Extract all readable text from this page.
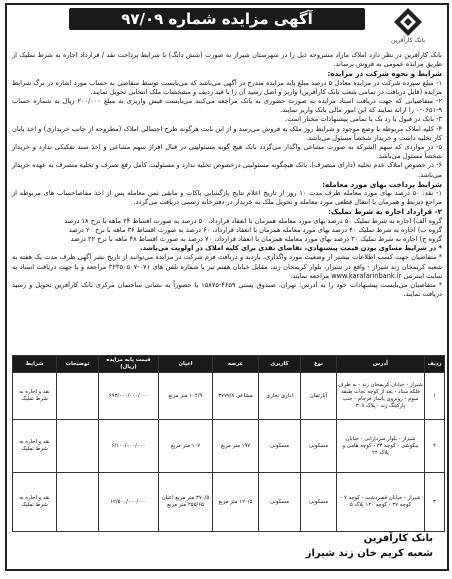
آگهی مزایده شماره ۹۷/۰۹
بانک کارآفرین

بانک کارآفرین در نظر دارد املاک مازاد مشروحه ذیل را در شهرستان شیراز به صورت (شش دانگ) با شرایط پرداخت نقد / قرارداد اجاره به شرط تملیک از طریق مزایده عمومی به فروش برساند.

شرایط و نحوه شرکت در مزایده:

۱- مبلغ سپرده شرکت در مزایده معادل ۵ درصد مبلغ پایه مزایده مندرج در آگهی می‌باشد که می‌بایست توسط متقاضی به حساب مورد اشاره در برگ شرایط مزایده (قابل دریافت در تمامی شعب بانک کارآفرین) واریز و اصل رسید آن را با قید ردیف و مشخصات ملک انتخابی تحویل نمایند.

۲- متقاضیانی که جهت دریافت اسناد مزایده به صورت حضوری به بانک مراجعه می‌کنند می‌بایست فیش واریزی به مبلغ ۲۰۰/۰۰۰ ریال به شماره حساب ۹-۰۶۵۱-۰ را ارائه نمایند که این امور مالی بانک واریز نمایند.

۳- بانک در قبول یا رد یک یا تمامی پیشنهادات مختار است.

۴- کلیه املاک مربوطه با وضع موجود و شرایط روز ملک به فروش می‌رسد و از این بابت هرگونه طرح احتمالی املاک (مطروحه از جانب خریداری) و اخذ پایان کار تخلیه داشت و خریدار شخصاً مسئول می‌باشد.

۵- در مواردی که سهم الشرکه به صورت مشاعی واگذار می‌گردد بانک هیچ گونه مسئولیتی در قبال افراز سهم مشاعی و اخذ سند تفکیکی ندارد و خریدار شخصاً مسئول می‌باشد.

۶- در خصوص املاک عدم تخلیه (دارای متصرف)، بانک هیچگونه مسئولیتی درخصوص تخلیه ندارد و مسئولیت کامل رفع تصرف و تخلیه متصرف به عهده خریدار می‌باشد.

شرایط پرداخت بهای مورد معامله:

۱- نقد: ۵۰ درصد بهای مورد معامله ظرف مدت ۱۰ روز از تاریخ اعلام نتایج بازگشایی پاکات و مابقی ثمن معامله پس از اخذ مفاصاحساب های مربوطه از مراجع ذیربط و همزمان با انتقال قطعی مورد معامله و تحویل ملک به خریدار در دفترخانه رسمی دریافت می‌گردد.

۲- قرارداد اجاره به شرط تملیک:

گروه الف) اجاره به شرط تملیک ۵۰ درصد بهای مورد معامله همزمان با انعقاد قرارداد، ۵۰ درصد به صورت اقساط ۲۴ ماهه با نرخ ۱۸ درصد

گروه ب) اجاره به شرط تملیک ۴۰ درصد بهای مورد معامله همزمان با انعقاد قرارداد، ۶۰ درصد به صورت اقساط ۳۶ ماهه با نرخ ۲۰ درصد

گروه ج) اجاره به شرط تملیک ۳۰ درصد بهای مورد معامله همزمان با انعقاد قرارداد، ۷۰ درصد به صورت اقساط ۴۸ ماهه با نرخ ۲۲ درصد

* در شرایط مساوی بودن قیمت پیشنهادی، تقاضای نقدی برای کلیه املاک در اولویت می‌باشد.

* متقاضیان جهت کسب اطلاعات بیشتر از وضعیت مورد واگذاری، بازدید و دریافت فرم شرکت در مزایده می‌توانند از تاریخ نشر آگهی ظرف مدت یک هفته به شعبه کریمخان زند شیراز - واقع در شیراز، بلوار کریمخان زند، مقابل خیابان هفتم تیر یا شماره تلفن های ۰۷۱-۳۲۳۵۰۵۰۷ مراجعه و یا جهت دریافت اسناد به سایت اینترنتی www.karafarinbank.ir مراجعه نمایند.

* متقاضیان می‌بایست پیشنهادات خود را به آدرس: تهران، صندوق پستی ۴۶۵۹-۱۵۸۷۵ یا حضوراً به نشانی ساختمان مرکزی بانک کارآفرین تحویل و رسید دریافت نمایند.

ردیف	آدرس	نوع	کاربری	عرصه	اعیان	قیمت پایه مزایده (ریال)	توضیحات	شرایط
۱	شیراز - خیابان کریمخان زند - به طرف فلکه ستاد - بعد از کوچه نجات طبقه سوم - روبروی پاساژ فرجام - جنب پارکینگ زند - پلاک ۳۰۸	آپارتمان	اداری تجاری	مشاعی ۳۷۷۷/۸	۱۰۴/۹ متر مربع	۶۹۳/۰۰۰/۰۰۰/۰۰۰		نقد و اجاره به شرط تملیک
۲	شیراز - بلوار سردارانی - خیابان بیکوشی - کوچه ۳۴ - کوچه هامی و پلاک ۲۴	مسکونی	مسکونی	۱۹۷ متر مربع	۱۰۷ متر مربع	۶/۱۰۰/۰۰۰/۰۰۰		نقد و اجاره به شرط تملیک
۳	شیراز - خیابان قصردشت - کوچه ۷ - کوچه ۳۷ - کوچه ۱۲۰ پلاک ۵	مسکونی	مسکونی	۱۲۰/۵ متر مربع	۳۷۰/۵ متر مربع اعیان ۲۵۵/۶۵ متر مربع	۱۲/۵۰۰/۰۰۰/۰۰۰		نقد و اجاره به شرط تملیک
بانک کارآفرین
شعبه کریم خان زند شیراز
